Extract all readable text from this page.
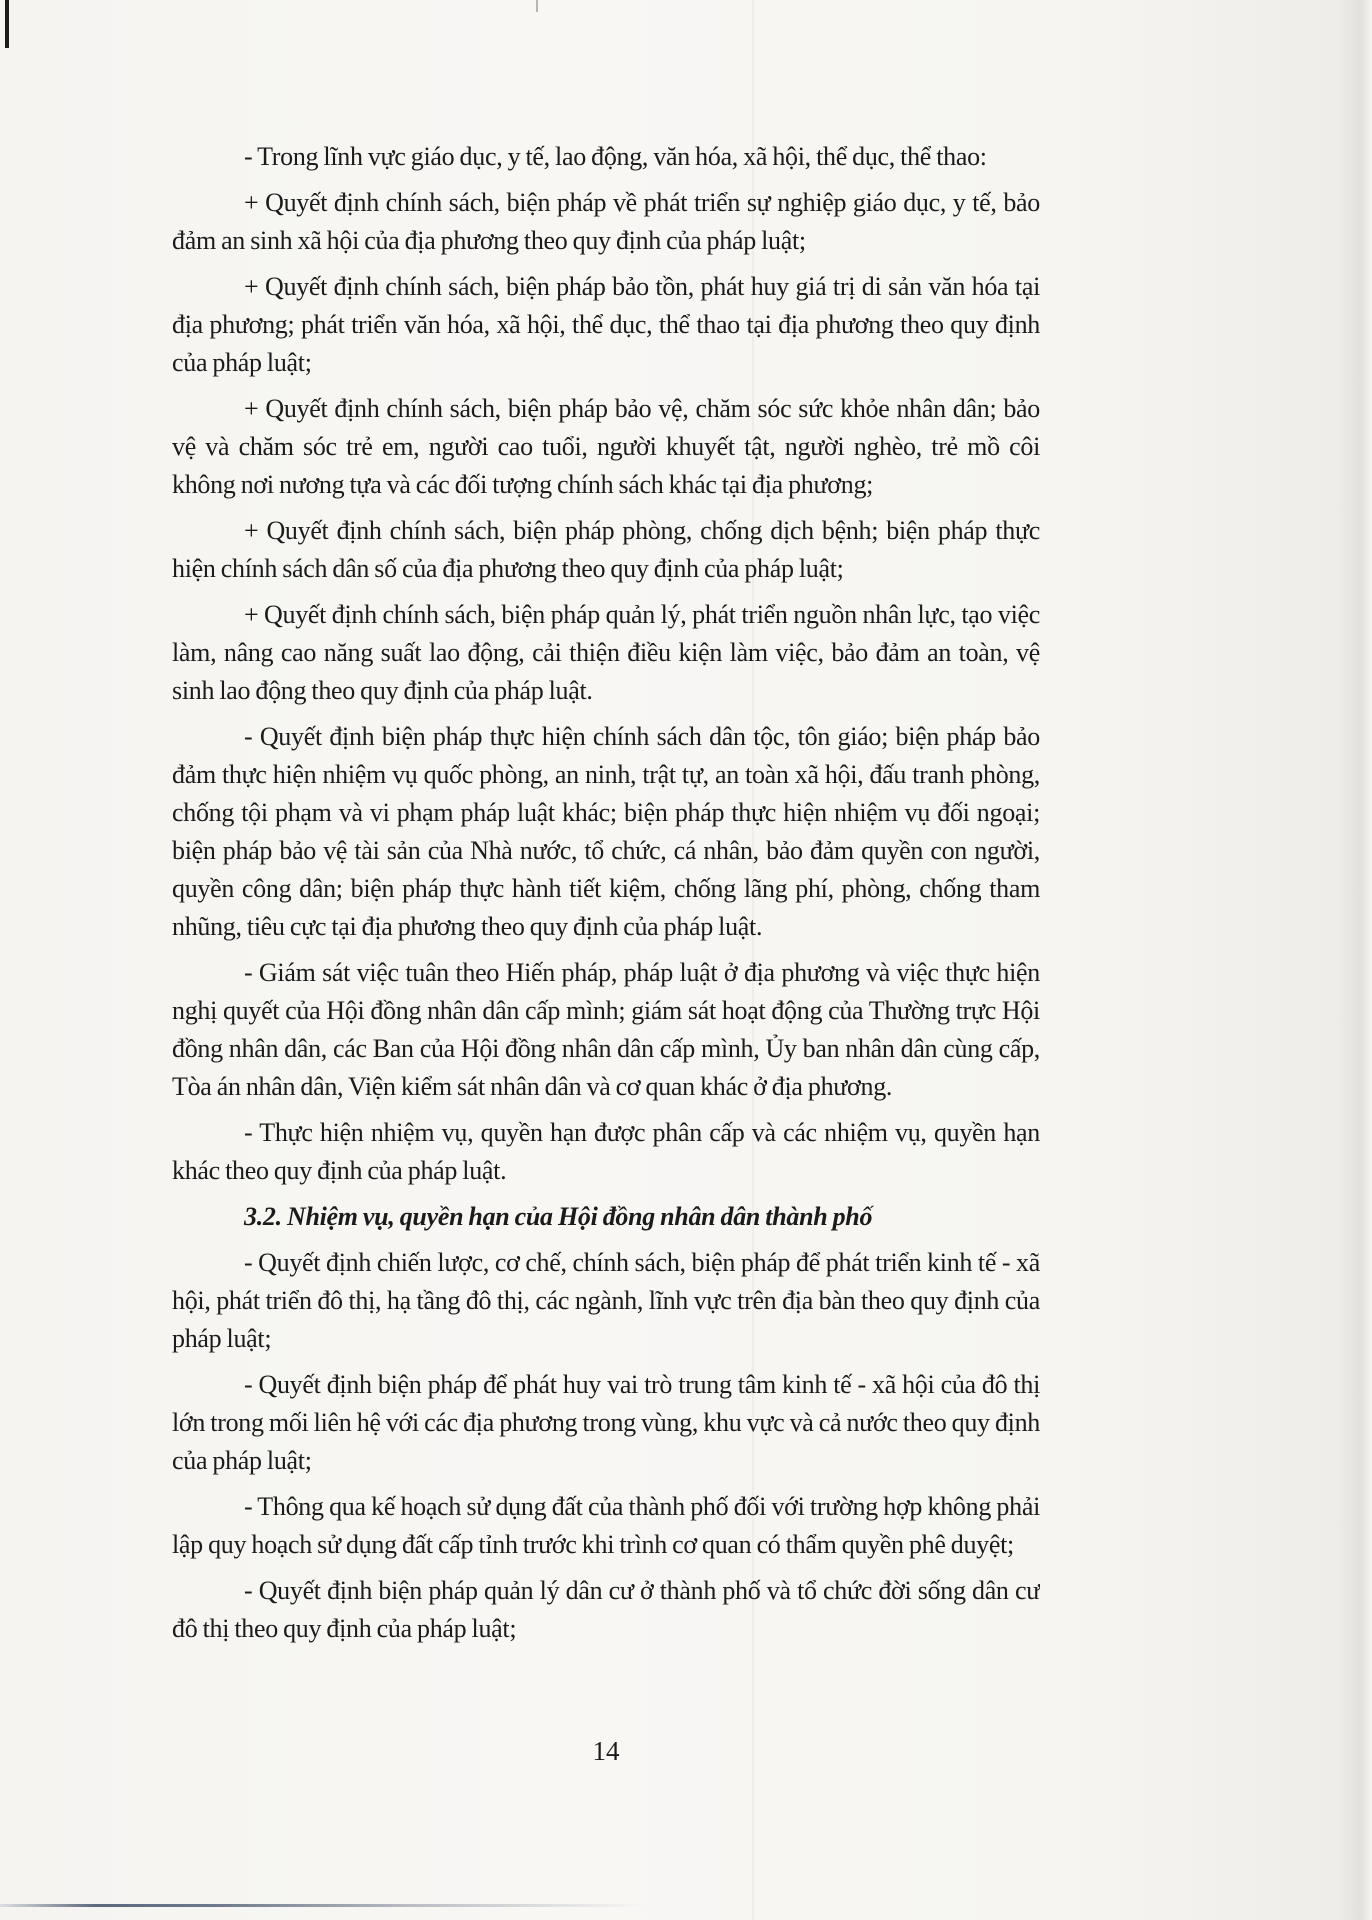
- Trong lĩnh vực giáo dục, y tế, lao động, văn hóa, xã hội, thể dục, thể thao:

+ Quyết định chính sách, biện pháp về phát triển sự nghiệp giáo dục, y tế, bảo đảm an sinh xã hội của địa phương theo quy định của pháp luật;

+ Quyết định chính sách, biện pháp bảo tồn, phát huy giá trị di sản văn hóa tại địa phương; phát triển văn hóa, xã hội, thể dục, thể thao tại địa phương theo quy định của pháp luật;

+ Quyết định chính sách, biện pháp bảo vệ, chăm sóc sức khỏe nhân dân; bảo vệ và chăm sóc trẻ em, người cao tuổi, người khuyết tật, người nghèo, trẻ mồ côi không nơi nương tựa và các đối tượng chính sách khác tại địa phương;

+ Quyết định chính sách, biện pháp phòng, chống dịch bệnh; biện pháp thực hiện chính sách dân số của địa phương theo quy định của pháp luật;

+ Quyết định chính sách, biện pháp quản lý, phát triển nguồn nhân lực, tạo việc làm, nâng cao năng suất lao động, cải thiện điều kiện làm việc, bảo đảm an toàn, vệ sinh lao động theo quy định của pháp luật.

- Quyết định biện pháp thực hiện chính sách dân tộc, tôn giáo; biện pháp bảo đảm thực hiện nhiệm vụ quốc phòng, an ninh, trật tự, an toàn xã hội, đấu tranh phòng, chống tội phạm và vi phạm pháp luật khác; biện pháp thực hiện nhiệm vụ đối ngoại; biện pháp bảo vệ tài sản của Nhà nước, tổ chức, cá nhân, bảo đảm quyền con người, quyền công dân; biện pháp thực hành tiết kiệm, chống lãng phí, phòng, chống tham nhũng, tiêu cực tại địa phương theo quy định của pháp luật.

- Giám sát việc tuân theo Hiến pháp, pháp luật ở địa phương và việc thực hiện nghị quyết của Hội đồng nhân dân cấp mình; giám sát hoạt động của Thường trực Hội đồng nhân dân, các Ban của Hội đồng nhân dân cấp mình, Ủy ban nhân dân cùng cấp, Tòa án nhân dân, Viện kiểm sát nhân dân và cơ quan khác ở địa phương.

- Thực hiện nhiệm vụ, quyền hạn được phân cấp và các nhiệm vụ, quyền hạn khác theo quy định của pháp luật.

3.2. Nhiệm vụ, quyền hạn của Hội đồng nhân dân thành phố

- Quyết định chiến lược, cơ chế, chính sách, biện pháp để phát triển kinh tế - xã hội, phát triển đô thị, hạ tầng đô thị, các ngành, lĩnh vực trên địa bàn theo quy định của pháp luật;

- Quyết định biện pháp để phát huy vai trò trung tâm kinh tế - xã hội của đô thị lớn trong mối liên hệ với các địa phương trong vùng, khu vực và cả nước theo quy định của pháp luật;

- Thông qua kế hoạch sử dụng đất của thành phố đối với trường hợp không phải lập quy hoạch sử dụng đất cấp tỉnh trước khi trình cơ quan có thẩm quyền phê duyệt;

- Quyết định biện pháp quản lý dân cư ở thành phố và tổ chức đời sống dân cư đô thị theo quy định của pháp luật;

14
